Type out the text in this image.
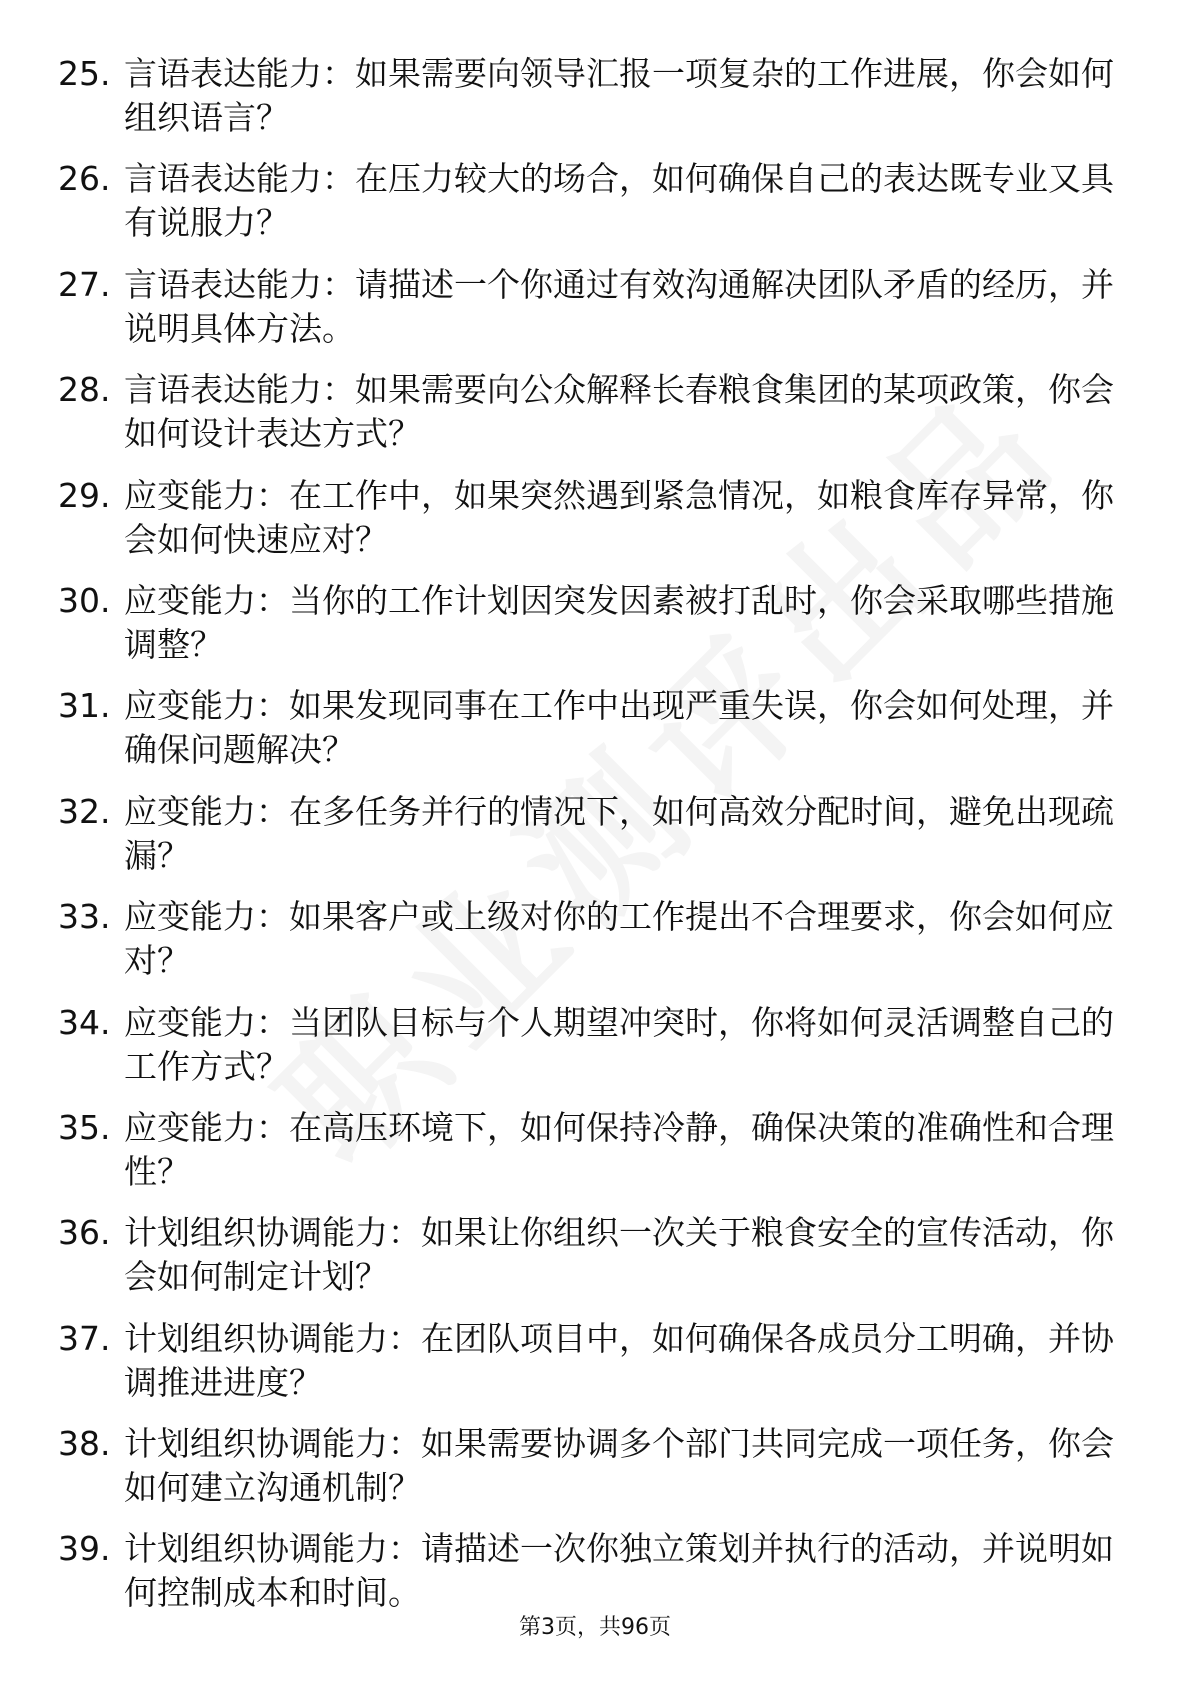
25. 言语表达能力：如果需要向领导汇报一项复杂的工作进展，你会如何组织语言？
26. 言语表达能力：在压力较大的场合，如何确保自己的表达既专业又具有说服力？
27. 言语表达能力：请描述一个你通过有效沟通解决团队矛盾的经历，并说明具体方法。
28. 言语表达能力：如果需要向公众解释长春粮食集团的某项政策，你会如何设计表达方式？
29. 应变能力：在工作中，如果突然遇到紧急情况，如粮食库存异常，你会如何快速应对？
30. 应变能力：当你的工作计划因突发因素被打乱时，你会采取哪些措施调整？
31. 应变能力：如果发现同事在工作中出现严重失误，你会如何处理，并确保问题解决？
32. 应变能力：在多任务并行的情况下，如何高效分配时间，避免出现疏漏？
33. 应变能力：如果客户或上级对你的工作提出不合理要求，你会如何应对？
34. 应变能力：当团队目标与个人期望冲突时，你将如何灵活调整自己的工作方式？
35. 应变能力：在高压环境下，如何保持冷静，确保决策的准确性和合理性？
36. 计划组织协调能力：如果让你组织一次关于粮食安全的宣传活动，你会如何制定计划？
37. 计划组织协调能力：在团队项目中，如何确保各成员分工明确，并协调推进进度？
38. 计划组织协调能力：如果需要协调多个部门共同完成一项任务，你会如何建立沟通机制？
39. 计划组织协调能力：请描述一次你独立策划并执行的活动，并说明如何控制成本和时间。
第3页，共96页
